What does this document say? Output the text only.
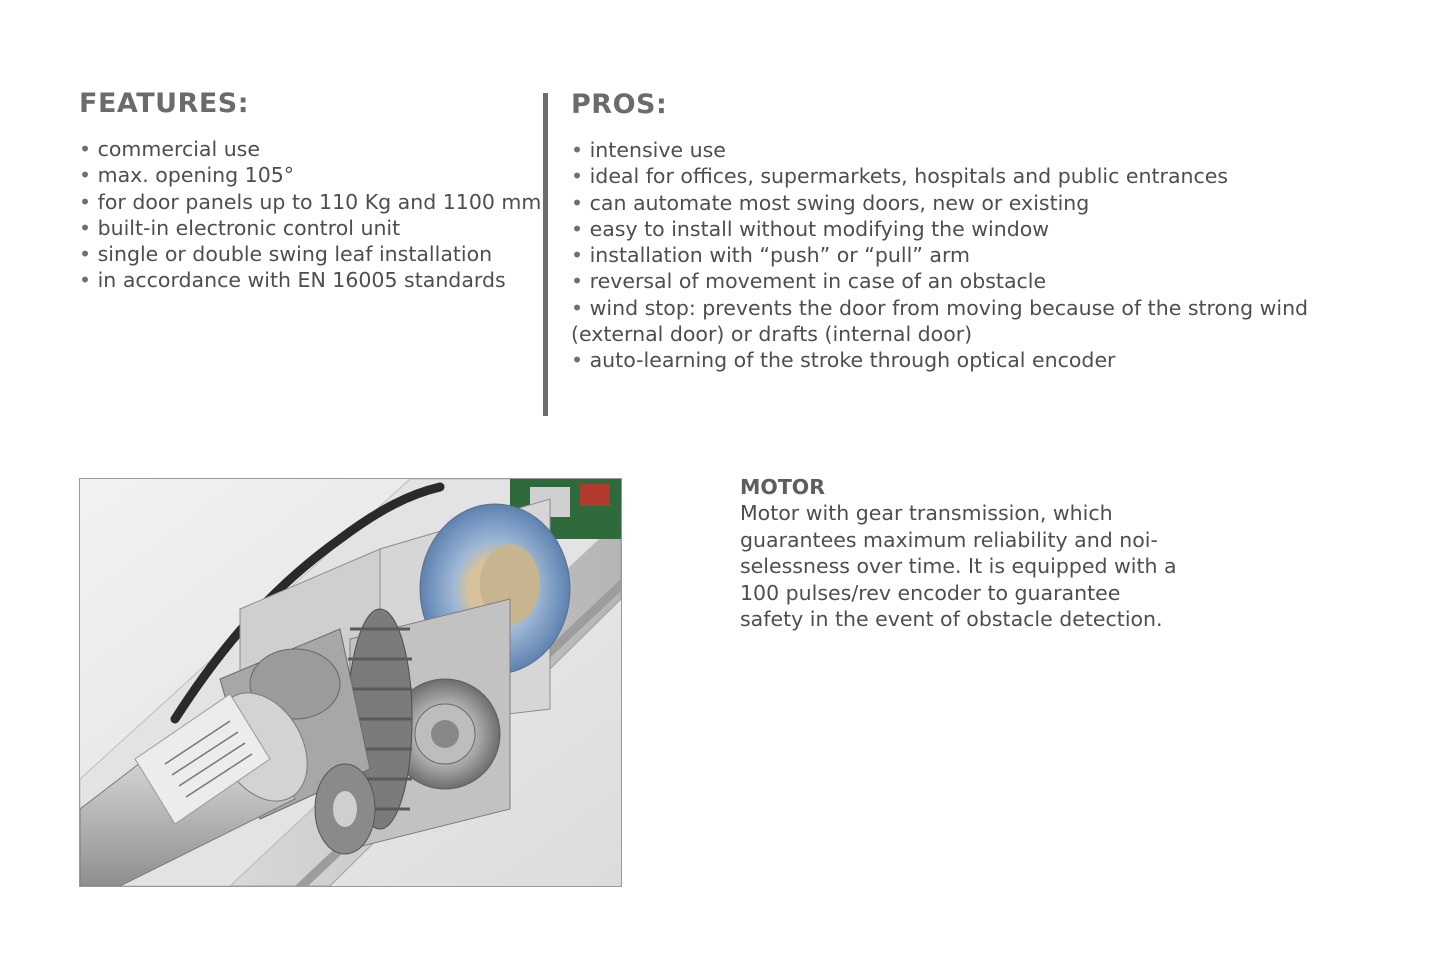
FEATURES:
• commercial use
• max. opening 105°
• for door panels up to 110 Kg and 1100 mm
• built-in electronic control unit
• single or double swing leaf installation
• in accordance with EN 16005 standards
PROS:
• intensive use
• ideal for offices, supermarkets, hospitals and public entrances
• can automate most swing doors, new or existing
• easy to install without modifying the window
• installation with “push” or “pull” arm
• reversal of movement in case of an obstacle
• wind stop: prevents the door from moving because of the strong wind (external door) or drafts (internal door)
• auto-learning of the stroke through optical encoder

MOTOR

Motor with gear transmission, which guarantees maximum reliability and noi- selessness over time. It is equipped with a 100 pulses/rev encoder to guarantee safety in the event of obstacle detection.
